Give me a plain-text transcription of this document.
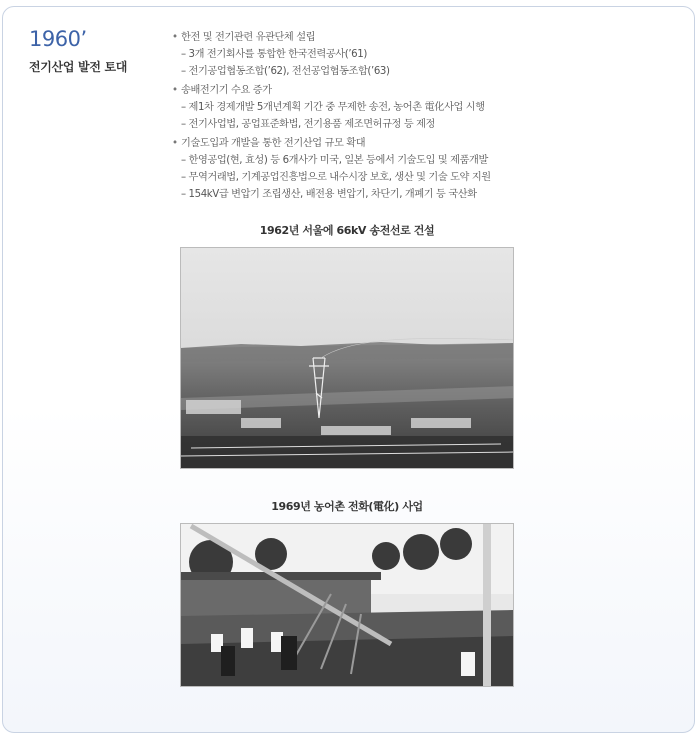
1960’
전기산업 발전 토대
• 한전 및 전기관련 유관단체 설립
– 3개 전기회사를 통합한 한국전력공사(’61)
– 전기공업협동조합(’62), 전선공업협동조합(’63)
• 송배전기기 수요 증가
– 제1차 경제개발 5개년계획 기간 중 무제한 송전, 농어촌 電化사업 시행
– 전기사업법, 공업표준화법, 전기용품 제조면허규정 등 제정
• 기술도입과 개발을 통한 전기산업 규모 확대
– 한영공업(현, 효성) 등 6개사가 미국, 일본 등에서 기술도입 및 제품개발
– 무역거래법, 기계공업진흥법으로 내수시장 보호, 생산 및 기술 도약 지원
– 154kV급 변압기 조립생산, 배전용 변압기, 차단기, 개폐기 등 국산화
1962년 서울에 66kV 송전선로 건설
1969년 농어촌 전화(電化) 사업
